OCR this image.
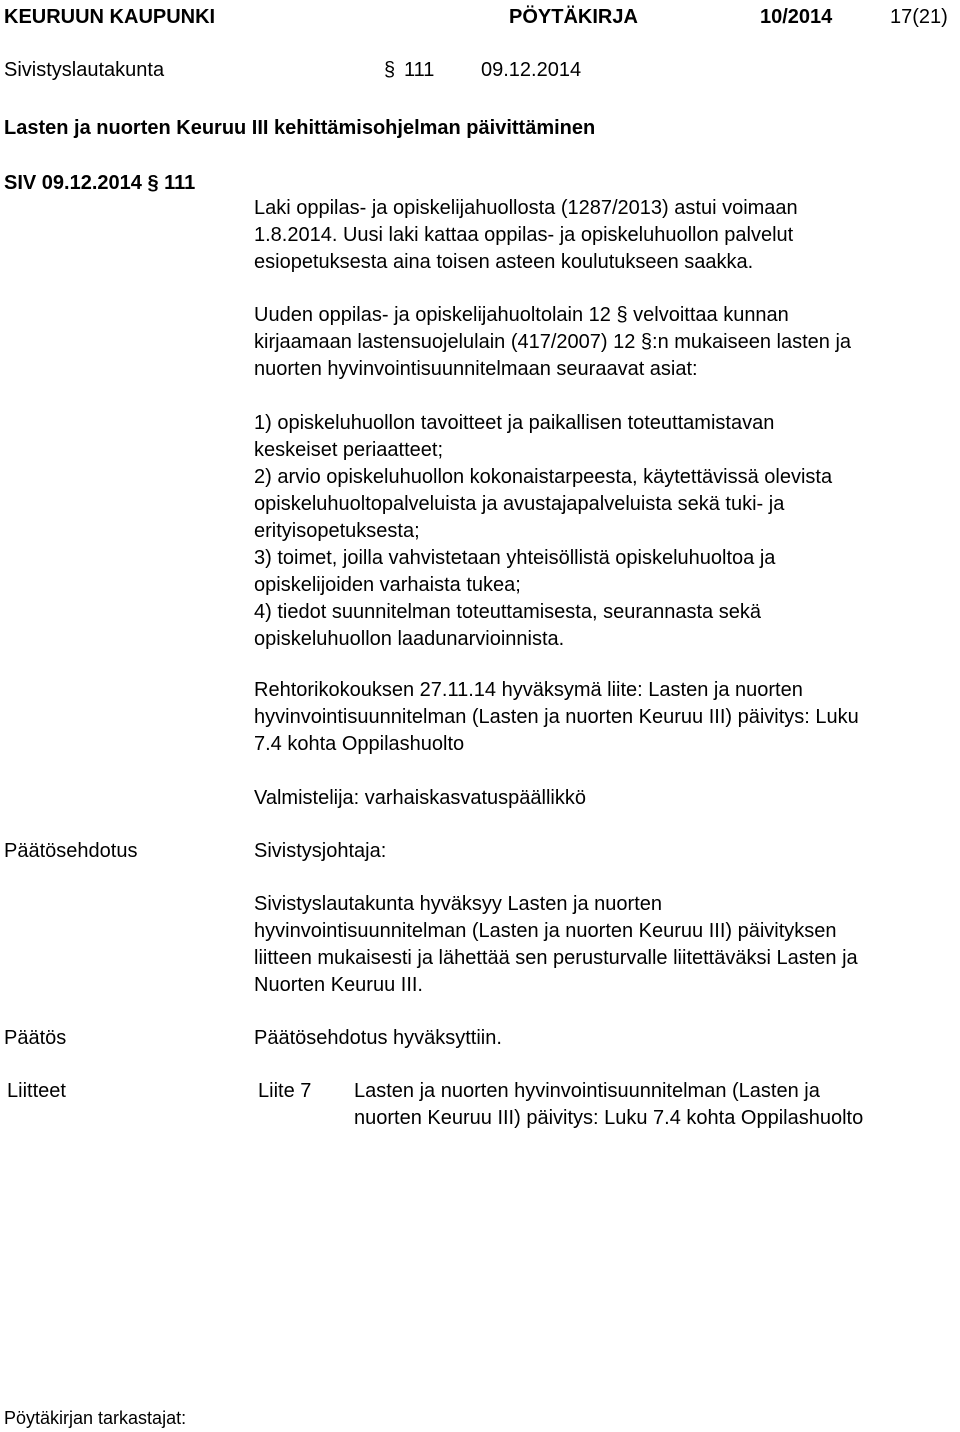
KEURUUN KAUPUNKI	PÖYTÄKIRJA	10/2014	17(21)
Sivistyslautakunta	§ 111 09.12.2014
Lasten ja nuorten Keuruu III kehittämisohjelman päivittäminen
SIV 09.12.2014 § 111
Laki oppilas- ja opiskelijahuollosta (1287/2013) astui voimaan
1.8.2014. Uusi laki kattaa oppilas- ja opiskeluhuollon palvelut
esiopetuksesta aina toisen asteen koulutukseen saakka.
Uuden oppilas- ja opiskelijahuoltolain 12 § velvoittaa kunnan
kirjaamaan lastensuojelulain (417/2007) 12 §:n mukaiseen lasten ja
nuorten hyvinvointisuunnitelmaan seuraavat asiat:
1) opiskeluhuollon tavoitteet ja paikallisen toteuttamistavan
keskeiset periaatteet;
2) arvio opiskeluhuollon kokonaistarpeesta, käytettävissä olevista
opiskeluhuoltopalveluista ja avustajapalveluista sekä tuki- ja
erityisopetuksesta;
3) toimet, joilla vahvistetaan yhteisöllistä opiskeluhuoltoa ja
opiskelijoiden varhaista tukea;
4) tiedot suunnitelman toteuttamisesta, seurannasta sekä
opiskeluhuollon laadunarvioinnista.
Rehtorikokouksen 27.11.14 hyväksymä liite: Lasten ja nuorten
hyvinvointisuunnitelman (Lasten ja nuorten Keuruu III) päivitys: Luku
7.4 kohta Oppilashuolto
Valmistelija: varhaiskasvatuspäällikkö
Päätösehdotus	Sivistysjohtaja:
Sivistyslautakunta hyväksyy Lasten ja nuorten
hyvinvointisuunnitelman (Lasten ja nuorten Keuruu III) päivityksen
liitteen mukaisesti ja lähettää sen perusturvalle liitettäväksi Lasten ja
Nuorten Keuruu III.
Päätös	Päätösehdotus hyväksyttiin.
Liitteet	Liite 7 Lasten ja nuorten hyvinvointisuunnitelman (Lasten ja
nuorten Keuruu III) päivitys: Luku 7.4 kohta Oppilashuolto
Pöytäkirjan tarkastajat:
